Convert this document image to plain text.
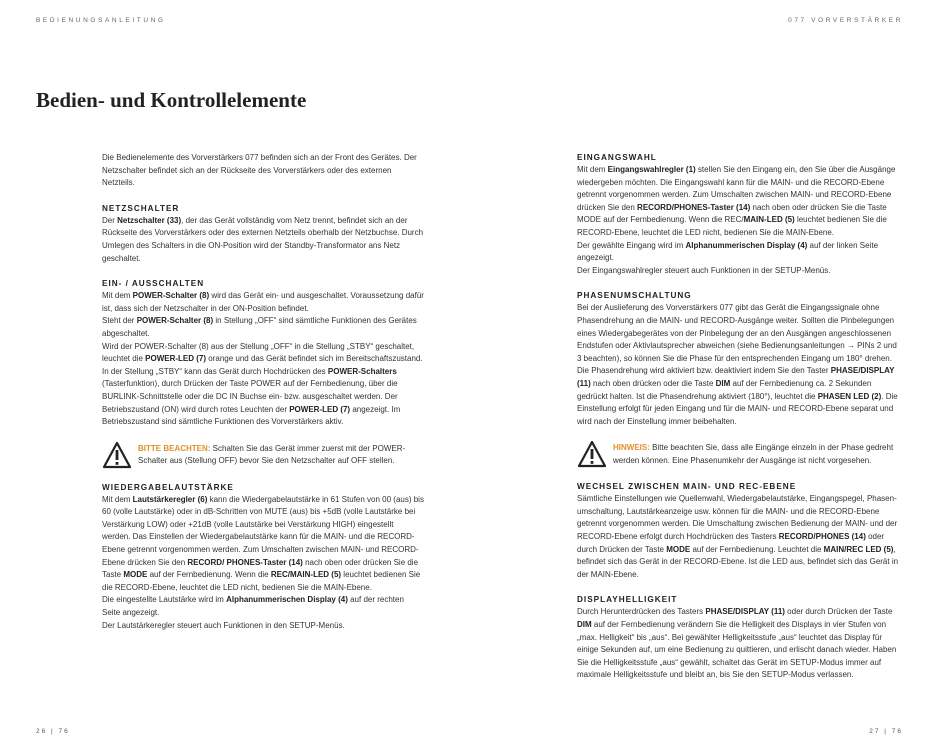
BEDIENUNGSANLEITUNG	077 VORVERSTÄRKER
Bedien- und Kontrollelemente

Die Bedienelemente des Vorverstärkers 077 befinden sich an der Front des Gerätes. Der Netzschalter befindet sich an der Rückseite des Vorverstärkers oder des externen Netzteils.

NETZSCHALTER

Der Netzschalter (33), der das Gerät vollständig vom Netz trennt, befindet sich an der Rückseite des Vorverstärkers oder des externen Netzteils oberhalb der Netzbuchse. Durch Umlegen des Schalters in die ON-Position wird der Standby-Transformator ans Netz geschaltet.

EIN- / AUSSCHALTEN

Mit dem POWER-Schalter (8) wird das Gerät ein- und ausgeschaltet. Voraussetzung dafür ist, dass sich der Netzschalter in der ON-Position befindet.

Steht der POWER-Schalter (8) in Stellung „OFF“ sind sämtliche Funktionen des Gerätes abgeschaltet.

Wird der POWER-Schalter (8) aus der Stellung „OFF“ in die Stellung „STBY“ geschaltet, leuchtet die POWER-LED (7) orange und das Gerät befindet sich im Bereitschaftszustand. In der Stellung „STBY“ kann das Gerät durch Hochdrücken des POWER-Schalters (Tasterfunktion), durch Drücken der Taste POWER auf der Fernbedienung, über die BURLINK-Schnittstelle oder die DC IN Buchse ein- bzw. ausgeschaltet werden. Der Betriebszustand (ON) wird durch rotes Leuchten der POWER-LED (7) angezeigt. Im Betriebszustand sind sämtliche Funktionen des Vorverstärkers aktiv.

BITTE BEACHTEN: Schalten Sie das Gerät immer zuerst mit der POWER-Schalter aus (Stellung OFF) bevor Sie den Netzschalter auf OFF stellen.

WIEDERGABELAUTSTÄRKE

Mit dem Lautstärkeregler (6) kann die Wiedergabelautstärke in 61 Stufen von 00 (aus) bis 60 (volle Lautstärke) oder in dB-Schritten von MUTE (aus) bis +5dB (volle Lautstärke bei Verstärkung LOW) oder +21dB (volle Lautstärke bei Verstärkung HIGH) eingestellt werden. Das Einstellen der Wiedergabelautstärke kann für die MAIN- und die RECORD-Ebene getrennt vorgenommen werden. Zum Umschalten zwischen MAIN- und RECORD-Ebene drücken Sie den RECORD/ PHONES-Taster (14) nach oben oder drücken Sie die Taste MODE auf der Fernbedienung. Wenn die REC/MAIN-LED (5) leuchtet bedienen Sie die RECORD-Ebene, leuchtet die LED nicht, bedienen Sie die MAIN-Ebene.

Die eingestellte Lautstärke wird im Alphanummerischen Display (4) auf der rechten Seite angezeigt.

Der Lautstärkeregler steuert auch Funktionen in den SETUP-Menüs.

EINGANGSWAHL

Mit dem Eingangswahlregler (1) stellen Sie den Eingang ein, den Sie über die Ausgänge wiedergeben möchten. Die Eingangswahl kann für die MAIN- und die RECORD-Ebene getrennt vorgenommen werden. Zum Umschalten zwischen MAIN- und RECORD-Ebene drücken Sie den RECORD/PHONES-Taster (14) nach oben oder drücken Sie die Taste MODE auf der Fernbedienung. Wenn die REC/MAIN-LED (5) leuchtet bedienen Sie die RECORD-Ebene, leuchtet die LED nicht, bedienen Sie die MAIN-Ebene.

Der gewählte Eingang wird im Alphanummerischen Display (4) auf der linken Seite angezeigt.

Der Eingangswahlregler steuert auch Funktionen in der SETUP-Menüs.

PHASENUMSCHALTUNG

Bei der Auslieferung des Vorverstärkers 077 gibt das Gerät die Eingangssignale ohne Phasendrehung an die MAIN- und RECORD-Ausgänge weiter. Sollten die Pinbelegungen eines Wiedergabegerätes von der Pinbelegung der an den Ausgängen angeschlossenen Endstufen oder Aktivlautsprecher abweichen (siehe Bedienungsanleitungen → PINs 2 und 3 beachten), so können Sie die Phase für den entsprechenden Eingang um 180° drehen. Die Phasendrehung wird aktiviert bzw. deaktiviert indem Sie den Taster PHASE/DISPLAY (11) nach oben drücken oder die Taste DIM auf der Fernbedienung ca. 2 Sekunden gedrückt halten. Ist die Phasendrehung aktiviert (180°), leuchtet die PHASEN LED (2). Die Einstellung erfolgt für jeden Eingang und für die MAIN- und RECORD-Ebene separat und wird nach der Einstellung immer beibehalten.

HINWEIS: Bitte beachten Sie, dass alle Eingänge einzeln in der Phase gedreht werden können. Eine Phasenumkehr der Ausgänge ist nicht vorgesehen.

WECHSEL ZWISCHEN MAIN- UND REC-EBENE

Sämtliche Einstellungen wie Quellenwahl, Wiedergabelautstärke, Eingangspegel, Phasen-umschaltung, Lautstärkeanzeige usw. können für die MAIN- und die RECORD-Ebene getrennt vorgenommen werden. Die Umschaltung zwischen Bedienung der MAIN- und der RECORD-Ebene erfolgt durch Hochdrücken des Tasters RECORD/PHONES (14) oder durch Drücken der Taste MODE auf der Fernbedienung. Leuchtet die MAIN/REC LED (5), befindet sich das Gerät in der RECORD-Ebene. Ist die LED aus, befindet sich das Gerät in der MAIN-Ebene.

DISPLAYHELLIGKEIT

Durch Herunterdrücken des Tasters PHASE/DISPLAY (11) oder durch Drücken der Taste DIM auf der Fernbedienung verändern Sie die Helligkeit des Displays in vier Stufen von „max. Helligkeit“ bis „aus“. Bei gewählter Helligkeitsstufe „aus“ leuchtet das Display für einige Sekunden auf, um eine Bedienung zu quittieren, und erlischt danach wieder. Haben Sie die Helligkeitsstufe „aus“ gewählt, schaltet das Gerät im SETUP-Modus immer auf maximale Helligkeitsstufe und bleibt an, bis Sie den SETUP-Modus verlassen.

26 | 76	27 | 76
